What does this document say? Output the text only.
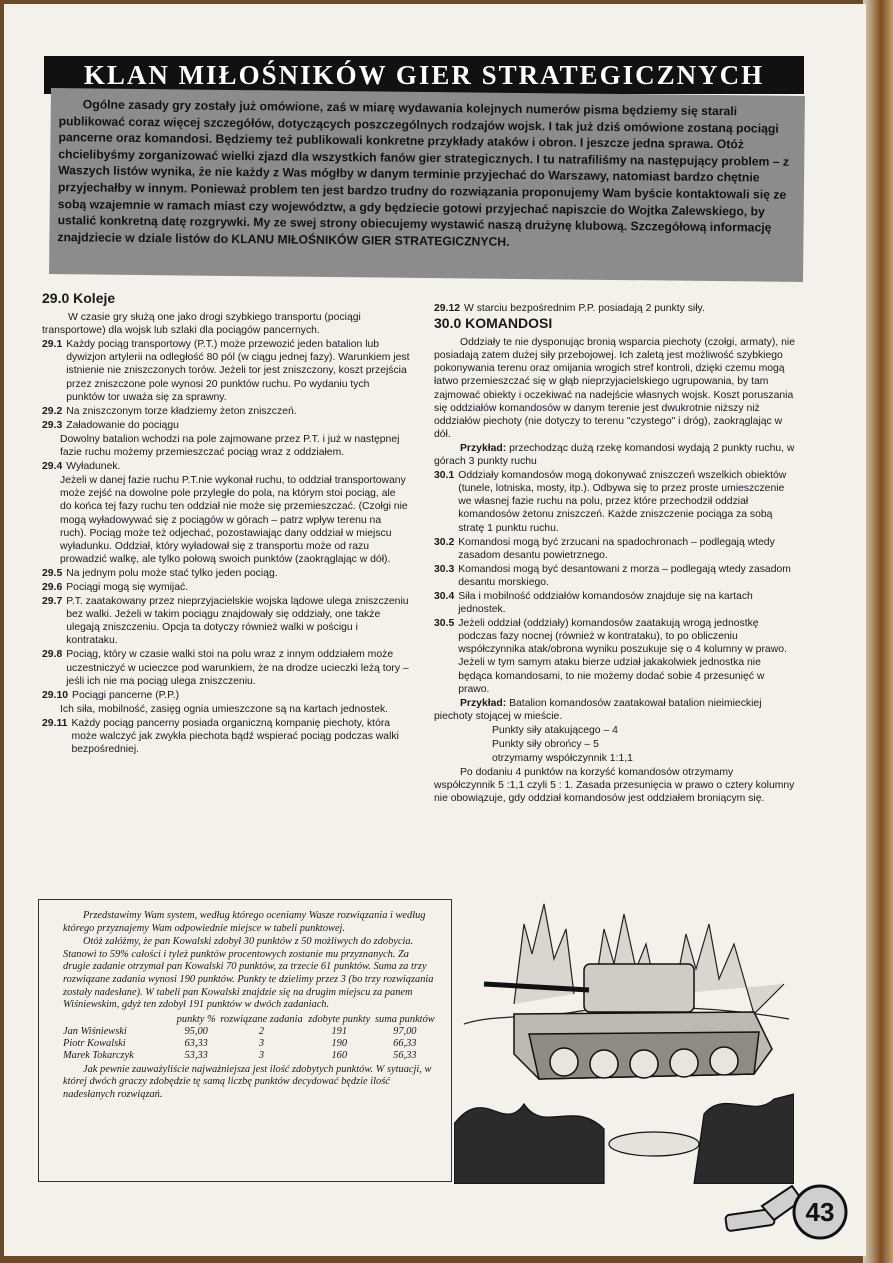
KLAN MIŁOŚNIKÓW GIER STRATEGICZNYCH
Ogólne zasady gry zostały już omówione, zaś w miarę wydawania kolejnych numerów pisma będziemy się starali publikować coraz więcej szczegółów, dotyczących poszczególnych rodzajów wojsk. I tak już dziś omówione zostaną pociągi pancerne oraz komandosi. Będziemy też publikowali konkretne przykłady ataków i obron. I jeszcze jedna sprawa. Otóż chcielibyśmy zorganizować wielki zjazd dla wszystkich fanów gier strategicznych. I tu natrafiliśmy na następujący problem – z Waszych listów wynika, że nie każdy z Was mógłby w danym terminie przyjechać do Warszawy, natomiast bardzo chętnie przyjechałby w innym. Ponieważ problem ten jest bardzo trudny do rozwiązania proponujemy Wam byście kontaktowali się ze sobą wzajemnie w ramach miast czy województw, a gdy będziecie gotowi przyjechać napiszcie do Wojtka Zalewskiego, by ustalić konkretną datę rozgrywki. My ze swej strony obiecujemy wystawić naszą drużynę klubową. Szczegółową informację znajdziecie w dziale listów do KLANU MIŁOŚNIKÓW GIER STRATEGICZNYCH.
29.0 Koleje

W czasie gry służą one jako drogi szybkiego transportu (pociągi transportowe) dla wojsk lub szlaki dla pociągów pancernych.

29.1 Każdy pociąg transportowy (P.T.) może przewozić jeden batalion lub dywizjon artylerii na odległość 80 pól (w ciągu jednej fazy). Warunkiem jest istnienie nie zniszczonych torów. Jeżeli tor jest zniszczony, koszt przejścia przez zniszczone pole wynosi 20 punktów ruchu. Po wydaniu tych punktów tor uważa się za sprawny.
29.2 Na zniszczonym torze kładziemy żeton zniszczeń.
29.3 Załadowanie do pociągu

Dowolny batalion wchodzi na pole zajmowane przez P.T. i już w następnej fazie ruchu możemy przemieszczać pociąg wraz z oddziałem.

29.4 Wyładunek.

Jeżeli w danej fazie ruchu P.T.nie wykonał ruchu, to oddział transportowany może zejść na dowolne pole przyległe do pola, na którym stoi pociąg, ale do końca tej fazy ruchu ten oddział nie może się przemieszczać. (Czołgi nie mogą wyładowywać się z pociągów w górach – patrz wpływ terenu na ruch). Pociąg może też odjechać, pozostawiając dany oddział w miejscu wyładunku. Oddział, który wyładował się z transportu może od razu prowadzić walkę, ale tylko połową swoich punktów (zaokrąglając w dół).

29.5 Na jednym polu może stać tylko jeden pociąg.
29.6 Pociągi mogą się wymijać.
29.7 P.T. zaatakowany przez nieprzyjacielskie wojska lądowe ulega zniszczeniu bez walki. Jeżeli w takim pociągu znajdowały się oddziały, one także ulegają zniszczeniu. Opcja ta dotyczy również walki w pościgu i kontrataku.
29.8 Pociąg, który w czasie walki stoi na polu wraz z innym oddziałem może uczestniczyć w ucieczce pod warunkiem, że na drodze ucieczki leżą tory – jeśli ich nie ma pociąg ulega zniszczeniu.
29.10 Pociągi pancerne (P.P.)

Ich siła, mobilność, zasięg ognia umieszczone są na kartach jednostek.

29.11 Każdy pociąg pancerny posiada organiczną kompanię piechoty, która może walczyć jak zwykła piechota bądź wspierać pociąg podczas walki bezpośredniej.
29.12 W starciu bezpośrednim P.P. posiadają 2 punkty siły.
30.0 KOMANDOSI

Oddziały te nie dysponując bronią wsparcia piechoty (czołgi, armaty), nie posiadają zatem dużej siły przebojowej. Ich zaletą jest możliwość szybkiego pokonywania terenu oraz omijania wrogich stref kontroli, dzięki czemu mogą łatwo przemieszczać się w głąb nieprzyjacielskiego ugrupowania, by tam zajmować obiekty i oczekiwać na nadejście własnych wojsk. Koszt poruszania się oddziałów komandosów w danym terenie jest dwukrotnie niższy niż oddziałów piechoty (nie dotyczy to terenu "czystego" i dróg), zaokrąglając w dół.

Przykład: przechodząc dużą rzekę komandosi wydają 2 punkty ruchu, w górach 3 punkty ruchu

30.1 Oddziały komandosów mogą dokonywać zniszczeń wszelkich obiektów (tunele, lotniska, mosty, itp.). Odbywa się to przez proste umieszczenie we własnej fazie ruchu na polu, przez które przechodził oddział komandosów żetonu zniszczeń. Każde zniszczenie pociąga za sobą stratę 1 punktu ruchu.
30.2 Komandosi mogą być zrzucani na spadochronach – podlegają wtedy zasadom desantu powietrznego.
30.3 Komandosi mogą być desantowani z morza – podlegają wtedy zasadom desantu morskiego.
30.4 Siła i mobilność oddziałów komandosów znajduje się na kartach jednostek.
30.5 Jeżeli oddział (oddziały) komandosów zaatakują wrogą jednostkę podczas fazy nocnej (również w kontrataku), to po obliczeniu współczynnika atak/obrona wyniku poszukuje się o 4 kolumny w prawo. Jeżeli w tym samym ataku bierze udział jakakolwiek jednostka nie będąca komandosami, to nie możemy dodać sobie 4 przesunięć w prawo.

Przykład: Batalion komandosów zaatakował batalion nieimieckiej piechoty stojącej w mieście.

Punkty siły atakującego – 4

Punkty siły obrońcy – 5

otrzymamy współczynnik 1:1,1

Po dodaniu 4 punktów na korzyść komandosów otrzymamy współczynnik 5 :1,1 czyli 5 : 1. Zasada przesunięcia w prawo o cztery kolumny nie obowiązuje, gdy oddział komandosów jest oddziałem broniącym się.

Przedstawimy Wam system, według którego oceniamy Wasze rozwiązania i według którego przyznajemy Wam odpowiednie miejsce w tabeli punktowej.

Otóż załóżmy, że pan Kowalski zdobył 30 punktów z 50 możliwych do zdobycia. Stanowi to 59% całości i tyleż punktów procentowych zostanie mu przyznanych. Za drugie zadanie otrzymał pan Kowalski 70 punktów, za trzecie 61 punktów. Suma za trzy rozwiązane zadania wynosi 190 punktów. Punkty te dzielimy przez 3 (bo trzy rozwiązania zostały nadesłane). W tabeli pan Kowalski znajdzie się na drugim miejscu za panem Wiśniewskim, gdyż ten zdobył 191 punktów w dwóch zadaniach.

	punkty %	rozwiązane zadania	zdobyte punkty	suma punktów
Jan Wiśniewski	95,00	2	191	97,00
Piotr Kowalski	63,33	3	190	66,33
Marek Tokarczyk	53,33	3	160	56,33

Jak pewnie zauważyliście najważniejsza jest ilość zdobytych punktów. W sytuacji, w której dwóch graczy zdobędzie tę samą liczbę punktów decydować będzie ilość nadesłanych rozwiązań.

43
